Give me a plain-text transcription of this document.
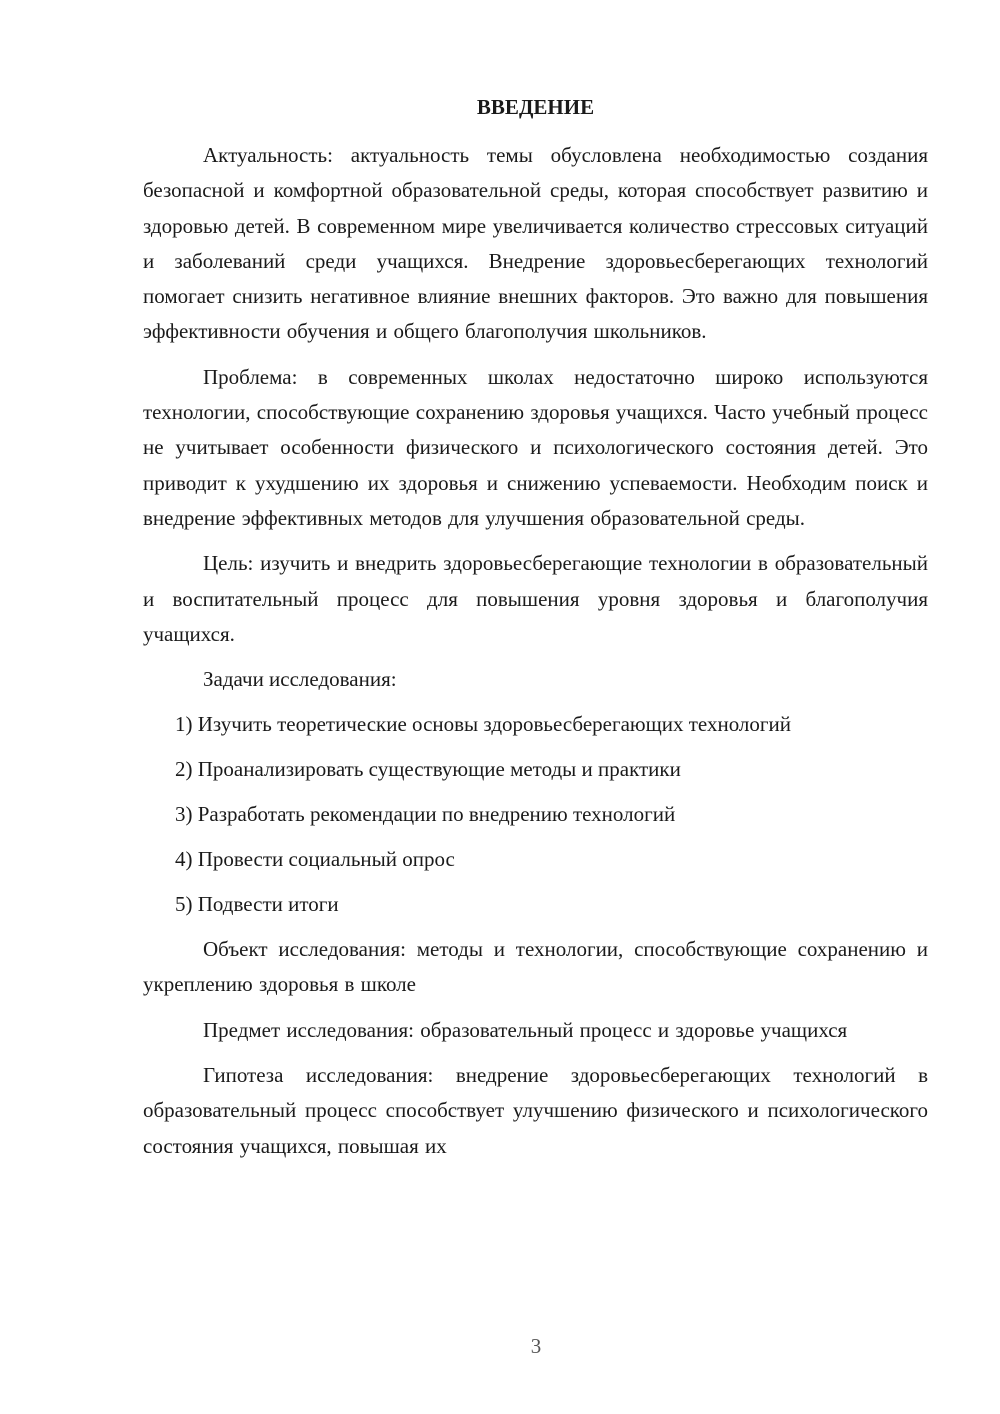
ВВЕДЕНИЕ

Актуальность: актуальность темы обусловлена необходимостью создания безопасной и комфортной образовательной среды, которая способствует развитию и здоровью детей. В современном мире увеличивается количество стрессовых ситуаций и заболеваний среди учащихся. Внедрение здоровьесберегающих технологий помогает снизить негативное влияние внешних факторов. Это важно для повышения эффективности обучения и общего благополучия школьников.

Проблема: в современных школах недостаточно широко используются технологии, способствующие сохранению здоровья учащихся. Часто учебный процесс не учитывает особенности физического и психологического состояния детей. Это приводит к ухудшению их здоровья и снижению успеваемости. Необходим поиск и внедрение эффективных методов для улучшения образовательной среды.

Цель: изучить и внедрить здоровьесберегающие технологии в образовательный и воспитательный процесс для повышения уровня здоровья и благополучия учащихся.

Задачи исследования:

1) Изучить теоретические основы здоровьесберегающих технологий
2) Проанализировать существующие методы и практики
3) Разработать рекомендации по внедрению технологий
4) Провести социальный опрос
5) Подвести итоги

Объект исследования: методы и технологии, способствующие сохранению и укреплению здоровья в школе

Предмет исследования: образовательный процесс и здоровье учащихся

Гипотеза исследования: внедрение здоровьесберегающих технологий в образовательный процесс способствует улучшению физического и психологического состояния учащихся, повышая их

3
